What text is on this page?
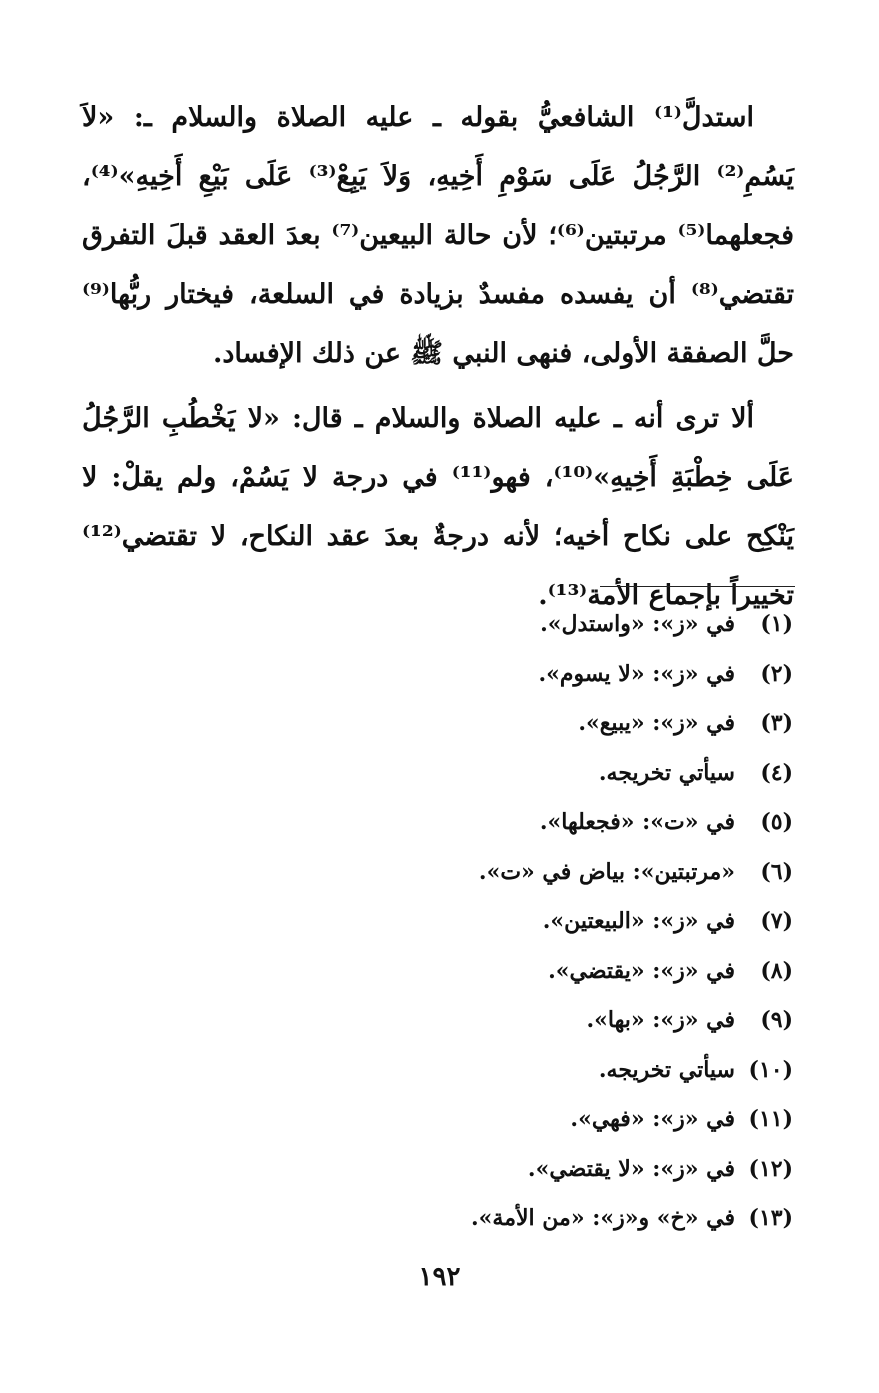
استدلَّ⁽¹⁾ الشافعيُّ بقوله ـ عليه الصلاة والسلام ـ: «لاَ يَسُمِ⁽²⁾ الرَّجُلُ عَلَى سَوْمِ أَخِيهِ، وَلاَ يَبِعْ⁽³⁾ عَلَى بَيْعِ أَخِيهِ»⁽⁴⁾، فجعلهما⁽⁵⁾ مرتبتين⁽⁶⁾؛ لأن حالة البيعين⁽⁷⁾ بعدَ العقد قبلَ التفرق تقتضي⁽⁸⁾ أن يفسده مفسدٌ بزيادة في السلعة، فيختار ربُّها⁽⁹⁾ حلَّ الصفقة الأولى، فنهى النبي ﷺ عن ذلك الإفساد.

ألا ترى أنه ـ عليه الصلاة والسلام ـ قال: «لا يَخْطُبِ الرَّجُلُ عَلَى خِطْبَةِ أَخِيهِ»⁽¹⁰⁾، فهو⁽¹¹⁾ في درجة لا يَسُمْ، ولم يقلْ: لا يَنْكِح على نكاح أخيه؛ لأنه درجةٌ بعدَ عقد النكاح، لا تقتضي⁽¹²⁾ تخييراً بإجماع الأمة⁽¹³⁾.

(١)
في «ز»: «واستدل».
(٢)
في «ز»: «لا يسوم».
(٣)
في «ز»: «يبيع».
(٤)
سيأتي تخريجه.
(٥)
في «ت»: «فجعلها».
(٦)
«مرتبتين»: بياض في «ت».
(٧)
في «ز»: «البيعتين».
(٨)
في «ز»: «يقتضي».
(٩)
في «ز»: «بها».
(١٠)
سيأتي تخريجه.
(١١)
في «ز»: «فهي».
(١٢)
في «ز»: «لا يقتضي».
(١٣)
في «خ» و«ز»: «من الأمة».
١٩٢
